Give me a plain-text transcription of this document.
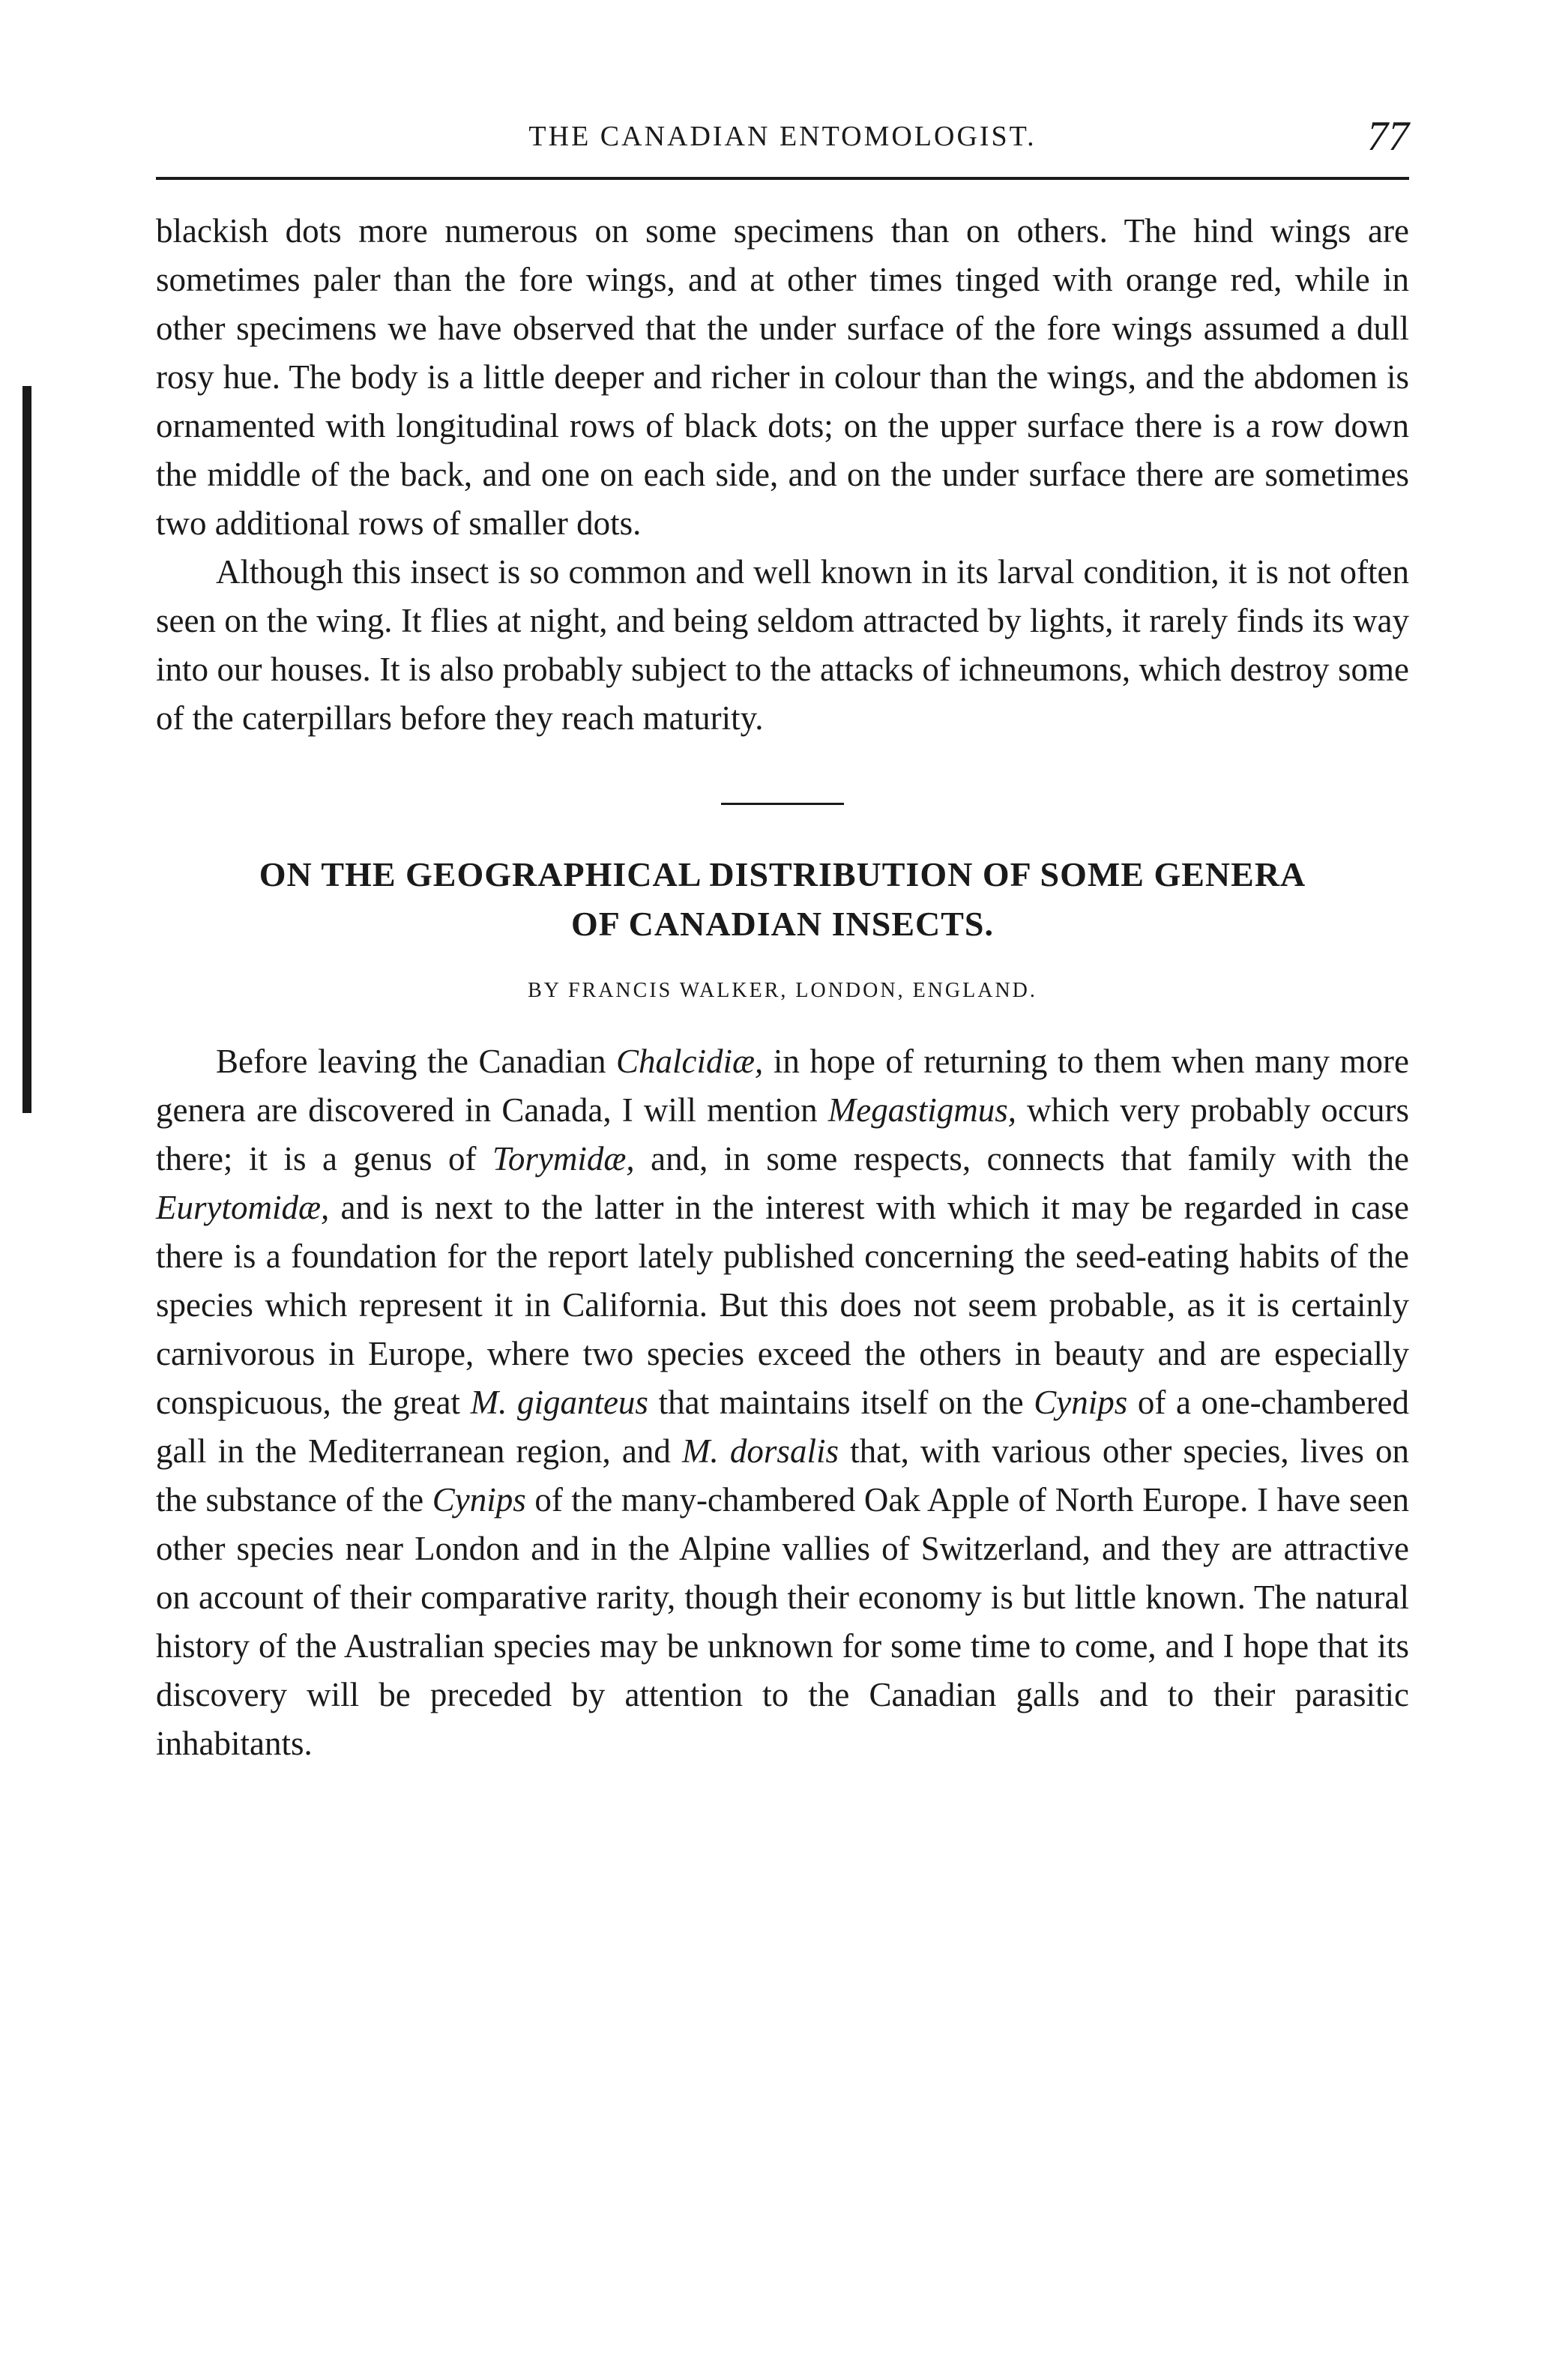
THE CANADIAN ENTOMOLOGIST.	77

blackish dots more numerous on some specimens than on others. The hind wings are sometimes paler than the fore wings, and at other times tinged with orange red, while in other specimens we have observed that the under surface of the fore wings assumed a dull rosy hue. The body is a little deeper and richer in colour than the wings, and the abdomen is ornamented with longitudinal rows of black dots; on the upper surface there is a row down the middle of the back, and one on each side, and on the under surface there are sometimes two additional rows of smaller dots.

Although this insect is so common and well known in its larval condition, it is not often seen on the wing. It flies at night, and being seldom attracted by lights, it rarely finds its way into our houses. It is also probably subject to the attacks of ichneumons, which destroy some of the caterpillars before they reach maturity.

ON THE GEOGRAPHICAL DISTRIBUTION OF SOME GENERA
OF CANADIAN INSECTS.
BY FRANCIS WALKER, LONDON, ENGLAND.

Before leaving the Canadian Chalcidiæ, in hope of returning to them when many more genera are discovered in Canada, I will mention Megastigmus, which very probably occurs there; it is a genus of Torymidæ, and, in some respects, connects that family with the Eurytomidæ, and is next to the latter in the interest with which it may be regarded in case there is a foundation for the report lately published concerning the seed-eating habits of the species which represent it in California. But this does not seem probable, as it is certainly carnivorous in Europe, where two species exceed the others in beauty and are especially conspicuous, the great M. giganteus that maintains itself on the Cynips of a one-chambered gall in the Mediterranean region, and M. dorsalis that, with various other species, lives on the substance of the Cynips of the many-chambered Oak Apple of North Europe. I have seen other species near London and in the Alpine vallies of Switzerland, and they are attractive on account of their comparative rarity, though their economy is but little known. The natural history of the Australian species may be unknown for some time to come, and I hope that its discovery will be preceded by attention to the Canadian galls and to their parasitic inhabitants.
